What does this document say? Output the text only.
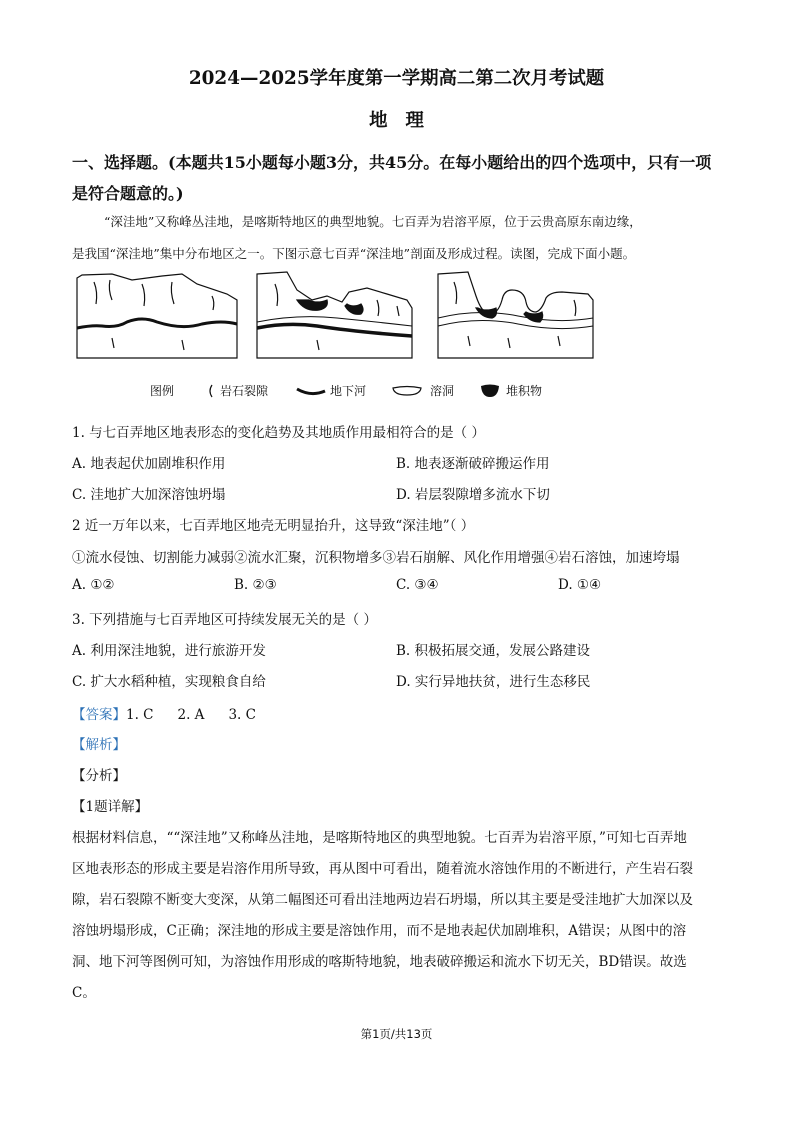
2024—2025学年度第一学期高二第二次月考试题
地理
一、选择题。(本题共15小题每小题3分，共45分。在每小题给出的四个选项中，只有一项
是符合题意的。)
“深洼地”又称峰丛洼地，是喀斯特地区的典型地貌。七百弄为岩溶平原，位于云贵高原东南边缘，
是我国“深洼地”集中分布地区之一。下图示意七百弄“深洼地”剖面及形成过程。读图，完成下面小题。
图例	岩石裂隙	地下河	溶洞	堆积物
1. 与七百弄地区地表形态的变化趋势及其地质作用最相符合的是（ ）
A. 地表起伏加剧堆积作用	B. 地表逐渐破碎搬运作用
C. 洼地扩大加深溶蚀坍塌	D. 岩层裂隙增多流水下切
2 近一万年以来，七百弄地区地壳无明显抬升，这导致“深洼地”（ ）
①流水侵蚀、切割能力减弱②流水汇聚，沉积物增多③岩石崩解、风化作用增强④岩石溶蚀，加速垮塌
A. ①②	B. ②③	C. ③④	D. ①④
3. 下列措施与七百弄地区可持续发展无关的是（ ）
A. 利用深洼地貌，进行旅游开发	B. 积极拓展交通，发展公路建设
C. 扩大水稻种植，实现粮食自给	D. 实行异地扶贫，进行生态移民
【答案】1. C 2. A 3. C
【解析】
【分析】
【1题详解】
根据材料信息，““深洼地”又称峰丛洼地，是喀斯特地区的典型地貌。七百弄为岩溶平原，”可知七百弄地
区地表形态的形成主要是岩溶作用所导致，再从图中可看出，随着流水溶蚀作用的不断进行，产生岩石裂
隙，岩石裂隙不断变大变深，从第二幅图还可看出洼地两边岩石坍塌，所以其主要是受洼地扩大加深以及
溶蚀坍塌形成，C正确；深洼地的形成主要是溶蚀作用，而不是地表起伏加剧堆积，A错误；从图中的溶
洞、地下河等图例可知，为溶蚀作用形成的喀斯特地貌，地表破碎搬运和流水下切无关，BD错误。故选
C。
第1页/共13页
